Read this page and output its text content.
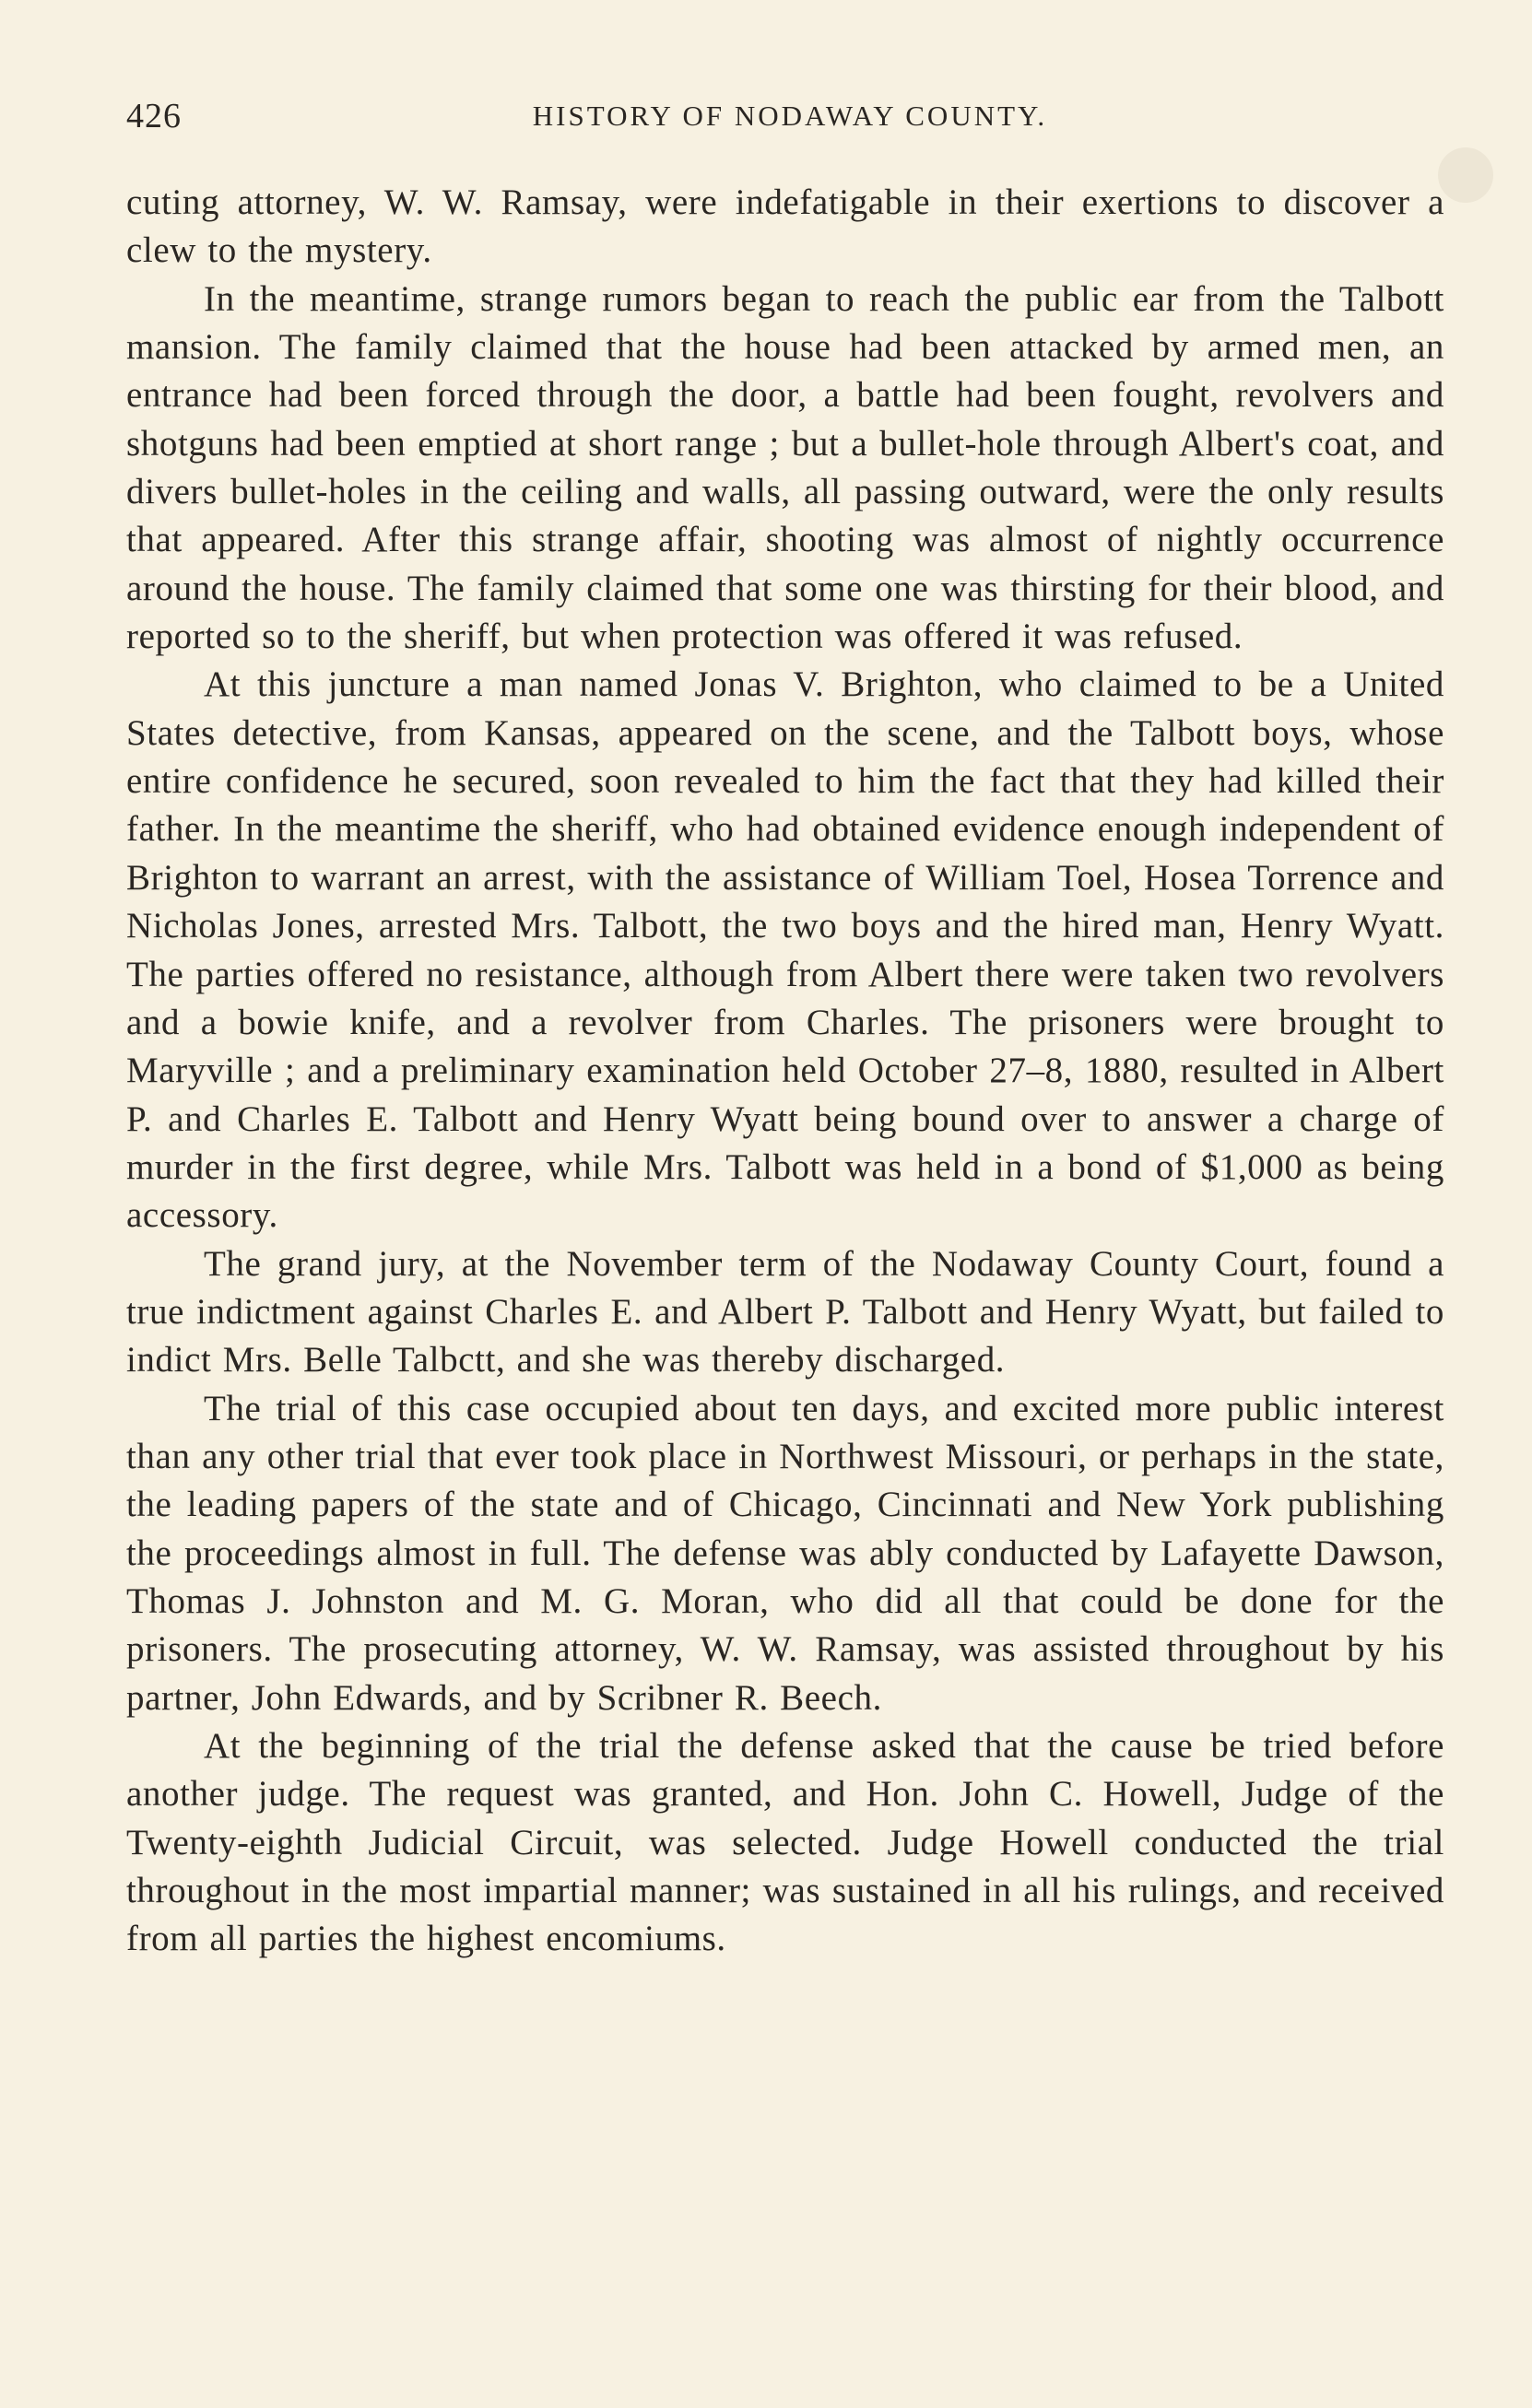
426	HISTORY OF NODAWAY COUNTY.

cuting attorney, W. W. Ramsay, were indefatigable in their exertions to discover a clew to the mystery.

In the meantime, strange rumors began to reach the public ear from the Talbott mansion. The family claimed that the house had been attacked by armed men, an entrance had been forced through the door, a battle had been fought, revolvers and shotguns had been emptied at short range ; but a bullet-hole through Albert's coat, and divers bullet-holes in the ceiling and walls, all passing outward, were the only results that appeared. After this strange affair, shooting was almost of nightly occurrence around the house. The family claimed that some one was thirsting for their blood, and reported so to the sheriff, but when protection was offered it was refused.

At this juncture a man named Jonas V. Brighton, who claimed to be a United States detective, from Kansas, appeared on the scene, and the Talbott boys, whose entire confidence he secured, soon revealed to him the fact that they had killed their father. In the meantime the sheriff, who had obtained evidence enough independent of Brighton to warrant an arrest, with the assistance of William Toel, Hosea Torrence and Nicholas Jones, arrested Mrs. Talbott, the two boys and the hired man, Henry Wyatt. The parties offered no resistance, although from Albert there were taken two revolvers and a bowie knife, and a revolver from Charles. The prisoners were brought to Maryville ; and a preliminary examination held October 27–8, 1880, resulted in Albert P. and Charles E. Talbott and Henry Wyatt being bound over to answer a charge of murder in the first degree, while Mrs. Talbott was held in a bond of $1,000 as being accessory.

The grand jury, at the November term of the Nodaway County Court, found a true indictment against Charles E. and Albert P. Talbott and Henry Wyatt, but failed to indict Mrs. Belle Talbctt, and she was thereby discharged.

The trial of this case occupied about ten days, and excited more public interest than any other trial that ever took place in Northwest Missouri, or perhaps in the state, the leading papers of the state and of Chicago, Cincinnati and New York publishing the proceedings almost in full. The defense was ably conducted by Lafayette Dawson, Thomas J. Johnston and M. G. Moran, who did all that could be done for the prisoners. The prosecuting attorney, W. W. Ramsay, was assisted throughout by his partner, John Edwards, and by Scribner R. Beech.

At the beginning of the trial the defense asked that the cause be tried before another judge. The request was granted, and Hon. John C. Howell, Judge of the Twenty-eighth Judicial Circuit, was selected. Judge Howell conducted the trial throughout in the most impartial manner; was sustained in all his rulings, and received from all parties the highest encomiums.
